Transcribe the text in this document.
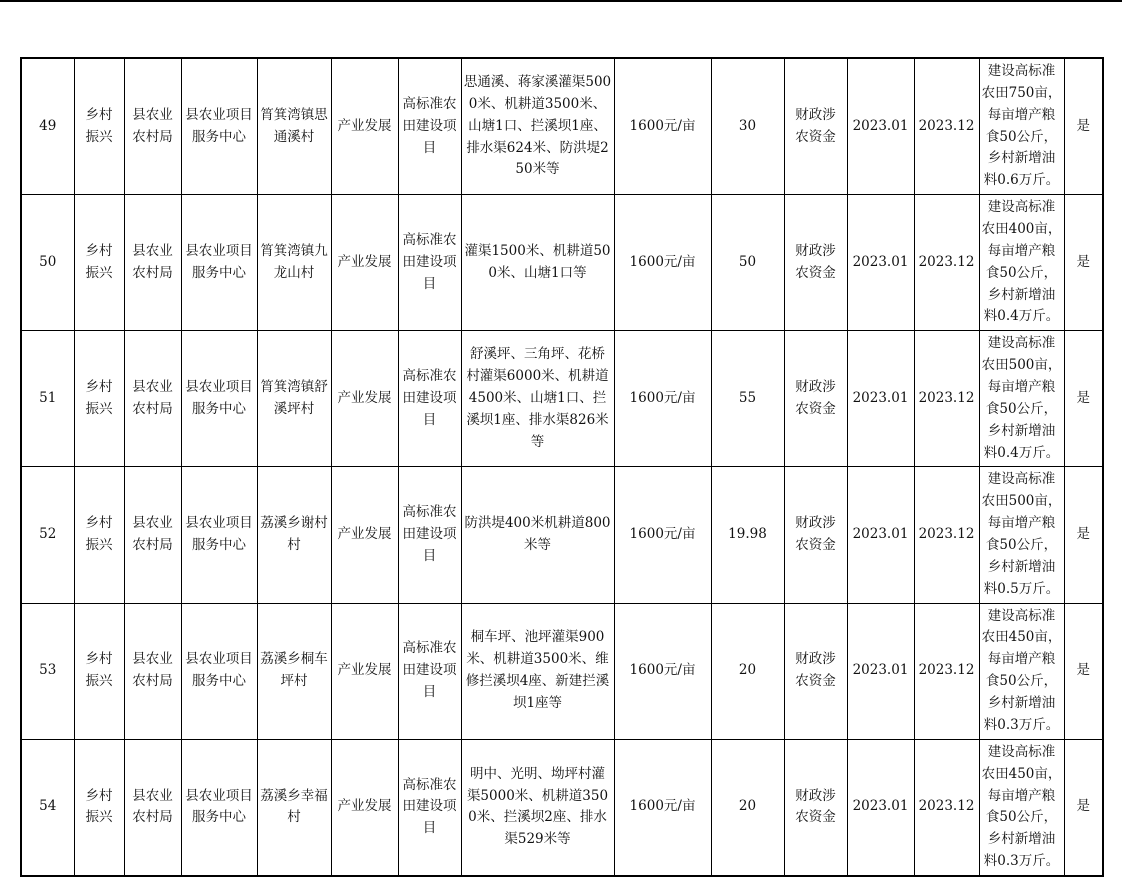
49	乡村振兴	县农业农村局	县农业项目服务中心	筲箕湾镇思通溪村	产业发展	高标准农田建设项目	思通溪、蒋家溪灌渠5000米、机耕道3500米、山塘1口、拦溪坝1座、排水渠624米、防洪堤250米等	1600元/亩	30	财政涉农资金	2023.01	2023.12	建设高标准农田750亩，每亩增产粮食50公斤，乡村新增油料0.6万斤。	是
50	乡村振兴	县农业农村局	县农业项目服务中心	筲箕湾镇九龙山村	产业发展	高标准农田建设项目	灌渠1500米、机耕道500米、山塘1口等	1600元/亩	50	财政涉农资金	2023.01	2023.12	建设高标准农田400亩，每亩增产粮食50公斤，乡村新增油料0.4万斤。	是
51	乡村振兴	县农业农村局	县农业项目服务中心	筲箕湾镇舒溪坪村	产业发展	高标准农田建设项目	舒溪坪、三角坪、花桥村灌渠6000米、机耕道4500米、山塘1口、拦溪坝1座、排水渠826米等	1600元/亩	55	财政涉农资金	2023.01	2023.12	建设高标准农田500亩，每亩增产粮食50公斤，乡村新增油料0.4万斤。	是
52	乡村振兴	县农业农村局	县农业项目服务中心	荔溪乡谢村村	产业发展	高标准农田建设项目	防洪堤400米机耕道800米等	1600元/亩	19.98	财政涉农资金	2023.01	2023.12	建设高标准农田500亩，每亩增产粮食50公斤，乡村新增油料0.5万斤。	是
53	乡村振兴	县农业农村局	县农业项目服务中心	荔溪乡桐车坪村	产业发展	高标准农田建设项目	桐车坪、池坪灌渠900米、机耕道3500米、维修拦溪坝4座、新建拦溪坝1座等	1600元/亩	20	财政涉农资金	2023.01	2023.12	建设高标准农田450亩，每亩增产粮食50公斤，乡村新增油料0.3万斤。	是
54	乡村振兴	县农业农村局	县农业项目服务中心	荔溪乡幸福村	产业发展	高标准农田建设项目	明中、光明、坳坪村灌渠5000米、机耕道3500米、拦溪坝2座、排水渠529米等	1600元/亩	20	财政涉农资金	2023.01	2023.12	建设高标准农田450亩，每亩增产粮食50公斤，乡村新增油料0.3万斤。	是
